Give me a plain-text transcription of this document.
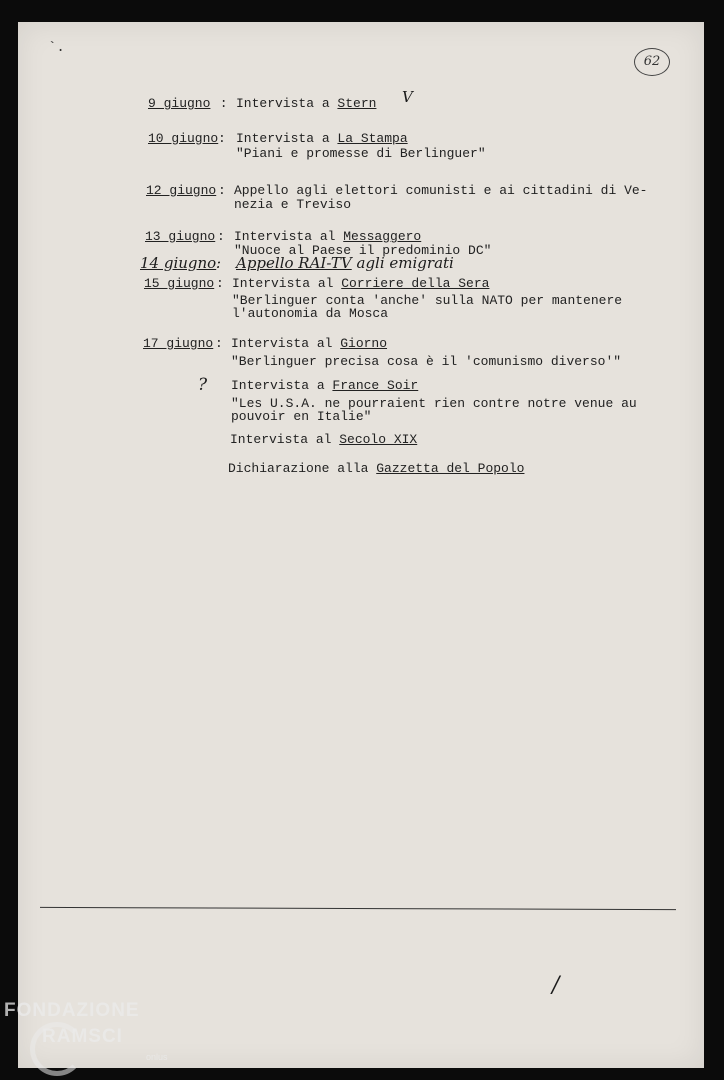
`.
62
V
?
/

9 giugno

:

Intervista a Stern

10 giugno

:

Intervista a La Stampa

"Piani e promesse di Berlinguer"

12 giugno

:

Appello agli elettori comunisti e ai cittadini di Ve-

nezia e Treviso

13 giugno

:

Intervista al Messaggero

"Nuoce al Paese il predominio DC"

14 giugno

:

Appello RAI-TV agli emigrati

15 giugno

:

Intervista al Corriere della Sera

"Berlinguer conta 'anche' sulla NATO per mantenere

l'autonomia da Mosca

17 giugno

:

Intervista al Giorno

"Berlinguer precisa cosa è il 'comunismo diverso'"

Intervista a France Soir

"Les U.S.A. ne pourraient rien contre notre venue au

pouvoir en Italie"

Intervista al Secolo XIX

Dichiarazione alla Gazzetta del Popolo

FONDAZIONE
RAMSCI
onlus
